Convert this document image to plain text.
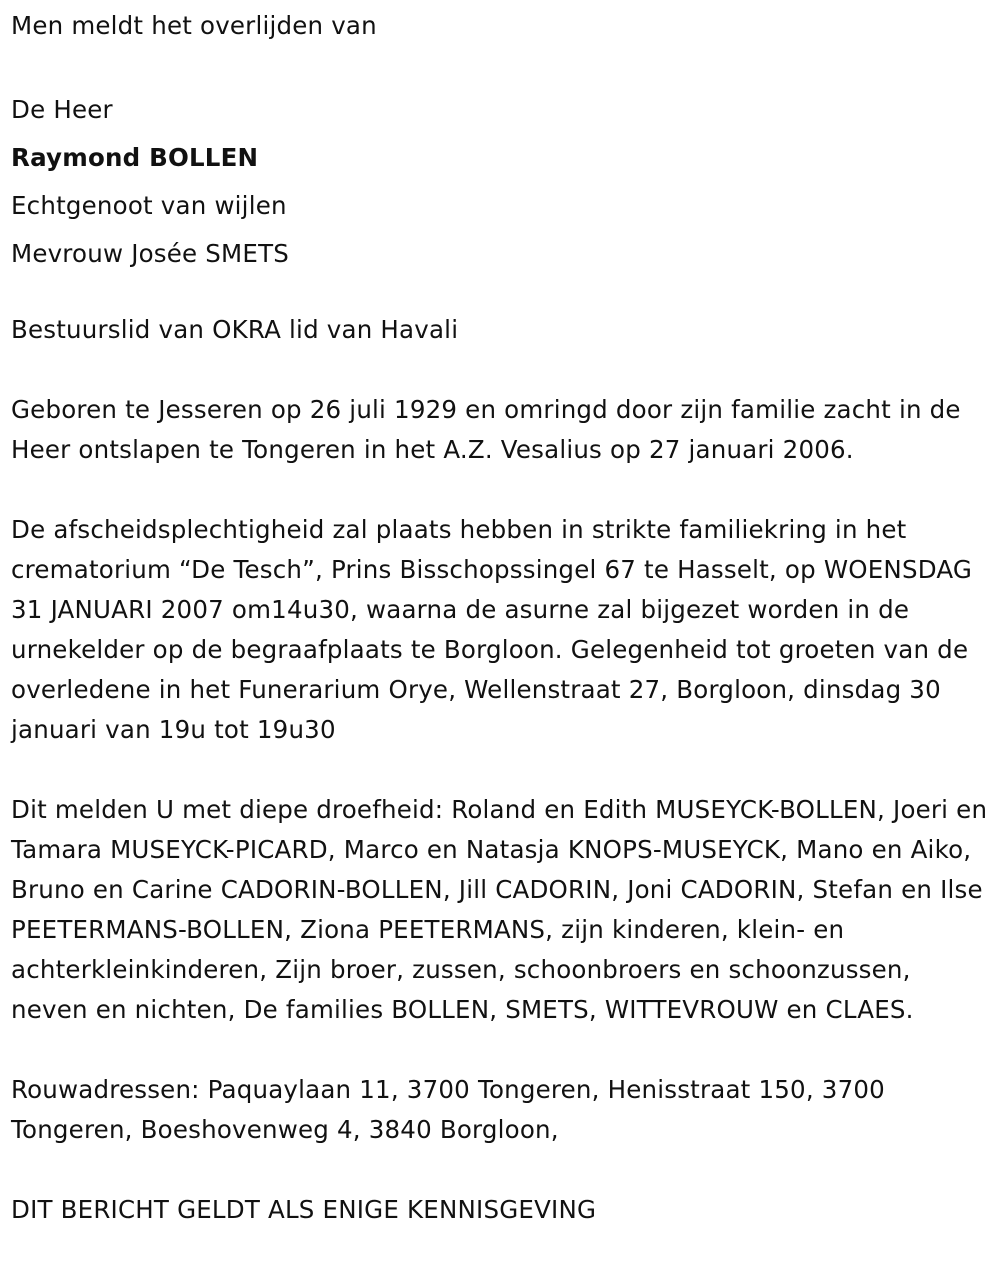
Men meldt het overlijden van

De Heer

Raymond BOLLEN

Echtgenoot van wijlen

Mevrouw Josée SMETS

Bestuurslid van OKRA lid van Havali

Geboren te Jesseren op 26 juli 1929 en omringd door zijn familie zacht in de Heer ontslapen te Tongeren in het A.Z. Vesalius op 27 januari 2006.

De afscheidsplechtigheid zal plaats hebben in strikte familiekring in het crematorium “De Tesch”, Prins Bisschopssingel 67 te Hasselt, op WOENSDAG 31 JANUARI 2007 om14u30, waarna de asurne zal bijgezet worden in de urnekelder op de begraafplaats te Borgloon. Gelegenheid tot groeten van de overledene in het Funerarium Orye, Wellenstraat 27, Borgloon, dinsdag 30 januari van 19u tot 19u30

Dit melden U met diepe droefheid: Roland en Edith MUSEYCK-BOLLEN, Joeri en Tamara MUSEYCK-PICARD, Marco en Natasja KNOPS-MUSEYCK, Mano en Aiko, Bruno en Carine CADORIN-BOLLEN, Jill CADORIN, Joni CADORIN, Stefan en Ilse PEETERMANS-BOLLEN, Ziona PEETERMANS, zijn kinderen, klein- en achterkleinkinderen, Zijn broer, zussen, schoonbroers en schoonzussen, neven en nichten, De families BOLLEN, SMETS, WITTEVROUW en CLAES.

Rouwadressen: Paquaylaan 11, 3700 Tongeren, Henisstraat 150, 3700 Tongeren, Boeshovenweg 4, 3840 Borgloon,

DIT BERICHT GELDT ALS ENIGE KENNISGEVING
